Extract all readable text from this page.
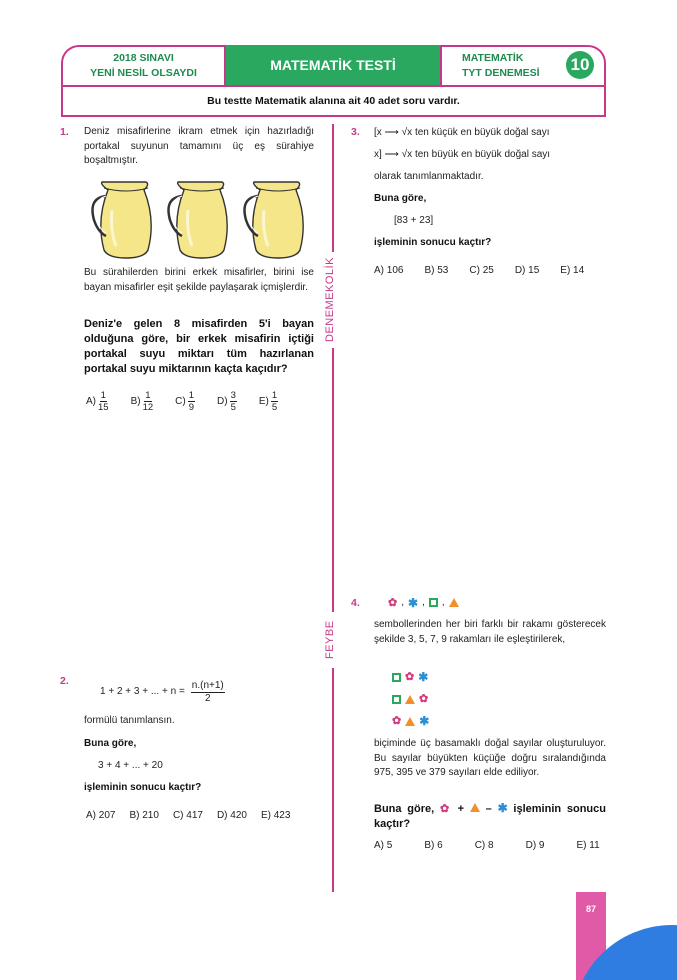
2018 SINAVI
YENİ NESİL OLSAYDI	MATEMATİK TESTİ	MATEMATİK
TYT DENEMESİ	10
Bu testte Matematik alanına ait 40 adet soru vardır.
DENEMEKOLİK
FEYBE
1. Deniz misafirlerine ikram etmek için hazırladığı portakal suyunun tamamını üç eş sürahiye boşaltmıştır.
Bu sürahilerden birini erkek misafirler, birini ise bayan misafirler eşit şekilde paylaşarak içmişlerdir.
Deniz'e gelen 8 misafirden 5'i bayan olduğuna göre, bir erkek misafirin içtiği portakal suyu miktarı tüm hazırlanan portakal suyu miktarının kaçta kaçıdır?
$A) \frac{1}{15} B) \frac{1}{12} C) \frac{1}{9} D) \frac{3}{5} E) \frac{1}{5}$
2.
1 + 2 + 3 + ... + $n = \frac{n.(n+1)}{2}$
formülü tanımlansın.
Buna göre,
3 + 4 + ... + 20
işleminin sonucu kaçtır?
A) 207 B) 210 C) 417 D) 420 E) 423
3. [x ⟶ √x ten küçük en büyük doğal sayı
x] ⟶ √x ten büyük en büyük doğal sayı
olarak tanımlanmaktadır.
Buna göre,
[83 + 23]
işleminin sonucu kaçtır?
A) 106 B) 53 C) 25 D) 15 E) 14
4.	✿ , ✱ , ,
sembollerinden her biri farklı bir rakamı gösterecek şekilde 3, 5, 7, 9 rakamları ile eşleştirilerek,
✿ ✱
✿
✿ ✱
biçiminde üç basamaklı doğal sayılar oluşturuluyor. Bu sayılar büyükten küçüğe doğru sıralandığında 975, 395 ve 379 sayıları elde ediliyor.
Buna göre, ✿ + – ✱ işleminin sonucu kaçtır?
A) 5	B) 6	C) 8	D) 9	E) 11
87
